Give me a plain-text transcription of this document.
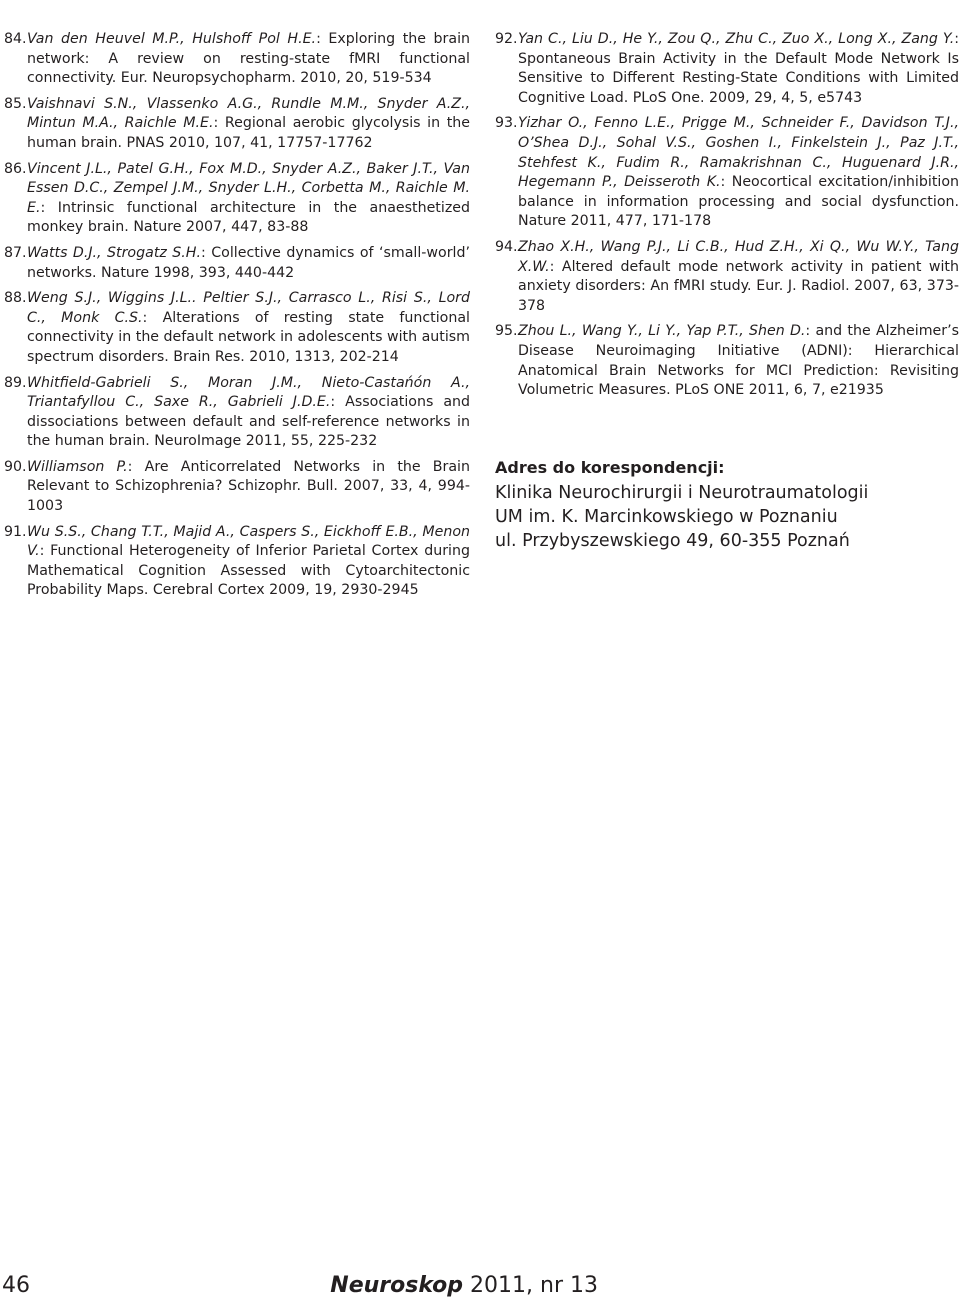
84. Van den Heuvel M.P., Hulshoff Pol H.E.: Exploring the brain network: A review on resting-state fMRI functional connectivity. Eur. Neuropsychopharm. 2010, 20, 519-534

85. Vaishnavi S.N., Vlassenko A.G., Rundle M.M., Snyder A.Z., Mintun M.A., Raichle M.E.: Regional aerobic glycolysis in the human brain. PNAS 2010, 107, 41, 17757-17762

86. Vincent J.L., Patel G.H., Fox M.D., Snyder A.Z., Baker J.T., Van Essen D.C., Zempel J.M., Snyder L.H., Corbetta M., Raichle M. E.: Intrinsic functional architecture in the anaesthetized monkey brain. Nature 2007, 447, 83-88

87. Watts D.J., Strogatz S.H.: Collective dynamics of ‘small-world’ networks. Nature 1998, 393, 440-442

88. Weng S.J., Wiggins J.L.. Peltier S.J., Carrasco L., Risi S., Lord C., Monk C.S.: Alterations of resting state functional connectivity in the default network in adolescents with autism spectrum disorders. Brain Res. 2010, 1313, 202-214

89. Whitfield-Gabrieli S., Moran J.M., Nieto-Castańón A., Triantafyllou C., Saxe R., Gabrieli J.D.E.: Associations and dissociations between default and self-reference networks in the human brain. NeuroImage 2011, 55, 225-232

90. Williamson P.: Are Anticorrelated Networks in the Brain Relevant to Schizophrenia? Schizophr. Bull. 2007, 33, 4, 994-1003

91. Wu S.S., Chang T.T., Majid A., Caspers S., Eickhoff E.B., Menon V.: Functional Heterogeneity of Inferior Parietal Cortex during Mathematical Cognition Assessed with Cytoarchitectonic Probability Maps. Cerebral Cortex 2009, 19, 2930-2945

92. Yan C., Liu D., He Y., Zou Q., Zhu C., Zuo X., Long X., Zang Y.: Spontaneous Brain Activity in the Default Mode Network Is Sensitive to Different Resting-State Conditions with Limited Cognitive Load. PLoS One. 2009, 29, 4, 5, e5743

93. Yizhar O., Fenno L.E., Prigge M., Schneider F., Davidson T.J., O’Shea D.J., Sohal V.S., Goshen I., Finkelstein J., Paz J.T., Stehfest K., Fudim R., Ramakrishnan C., Huguenard J.R., Hegemann P., Deisseroth K.: Neocortical excitation/inhibition balance in information processing and social dysfunction. Nature 2011, 477, 171-178

94. Zhao X.H., Wang P.J., Li C.B., Hud Z.H., Xi Q., Wu W.Y., Tang X.W.: Altered default mode network activity in patient with anxiety disorders: An fMRI study. Eur. J. Radiol. 2007, 63, 373-378

95. Zhou L., Wang Y., Li Y., Yap P.T., Shen D.: and the Alzheimer’s Disease Neuroimaging Initiative (ADNI): Hierarchical Anatomical Brain Networks for MCI Prediction: Revisiting Volumetric Measures. PLoS ONE 2011, 6, 7, e21935

Adres do korespondencji:
Klinika Neurochirurgii i Neurotraumatologii
UM im. K. Marcinkowskiego w Poznaniu
ul. Przybyszewskiego 49, 60-355 Poznań
46	Neuroskop 2011, nr 13
